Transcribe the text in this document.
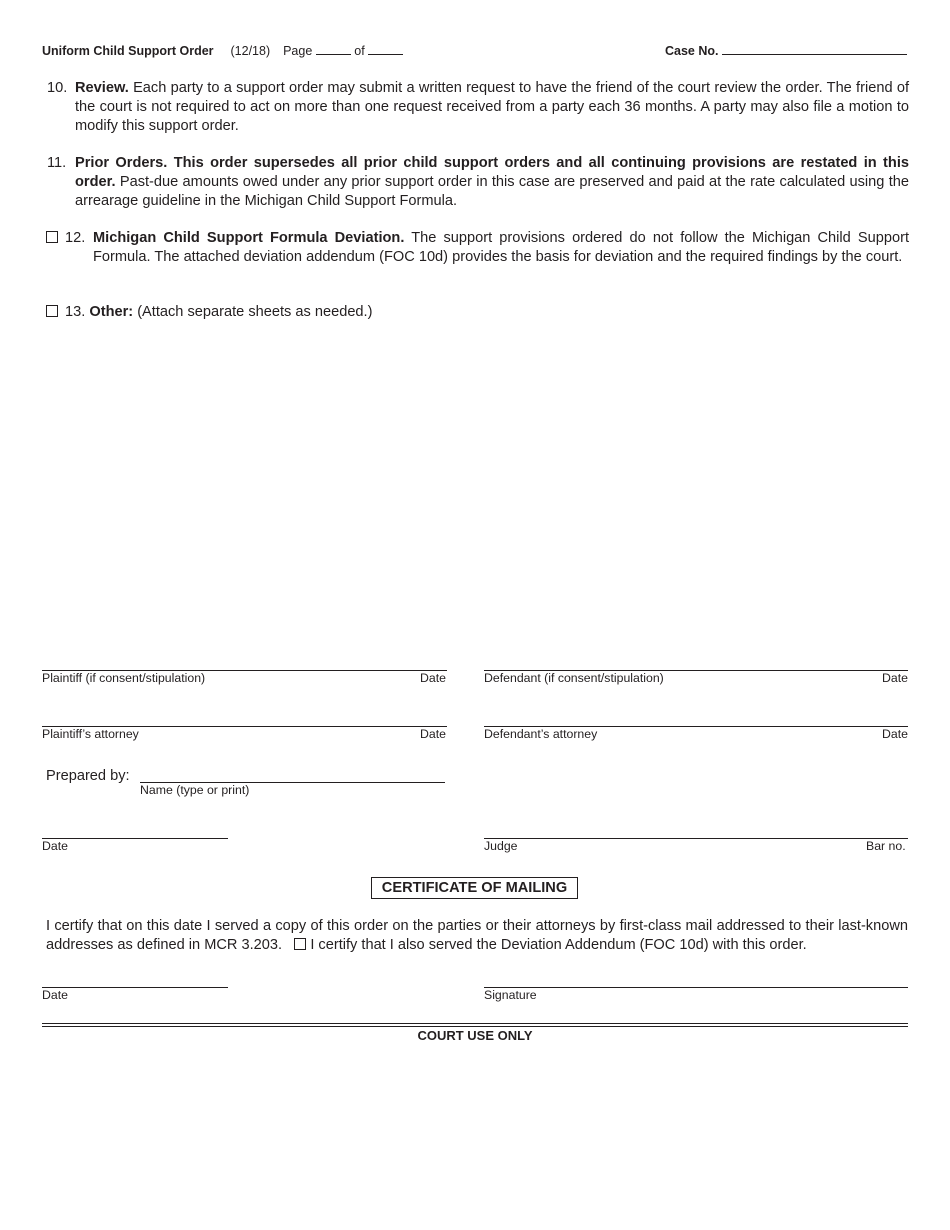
Uniform Child Support Order (12/18) Page	of	Case No.
10. Review. Each party to a support order may submit a written request to have the friend of the court review the order. The friend of the court is not required to act on more than one request received from a party each 36 months. A party may also file a motion to modify this support order.
11. Prior Orders. This order supersedes all prior child support orders and all continuing provisions are restated in this order. Past-due amounts owed under any prior support order in this case are preserved and paid at the rate calculated using the arrearage guideline in the Michigan Child Support Formula.
12. Michigan Child Support Formula Deviation. The support provisions ordered do not follow the Michigan Child Support Formula. The attached deviation addendum (FOC 10d) provides the basis for deviation and the required findings by the court.
13. Other: (Attach separate sheets as needed.)
Plaintiff (if consent/stipulation)	Date	Defendant (if consent/stipulation)	Date
Plaintiff’s attorney	Date	Defendant’s attorney	Date
Prepared by:
Name (type or print)
Date	Judge	Bar no.
CERTIFICATE OF MAILING
I certify that on this date I served a copy of this order on the parties or their attorneys by first-class mail addressed to their last-known addresses as defined in MCR 3.203. I certify that I also served the Deviation Addendum (FOC 10d) with this order.
Date	Signature
COURT USE ONLY
